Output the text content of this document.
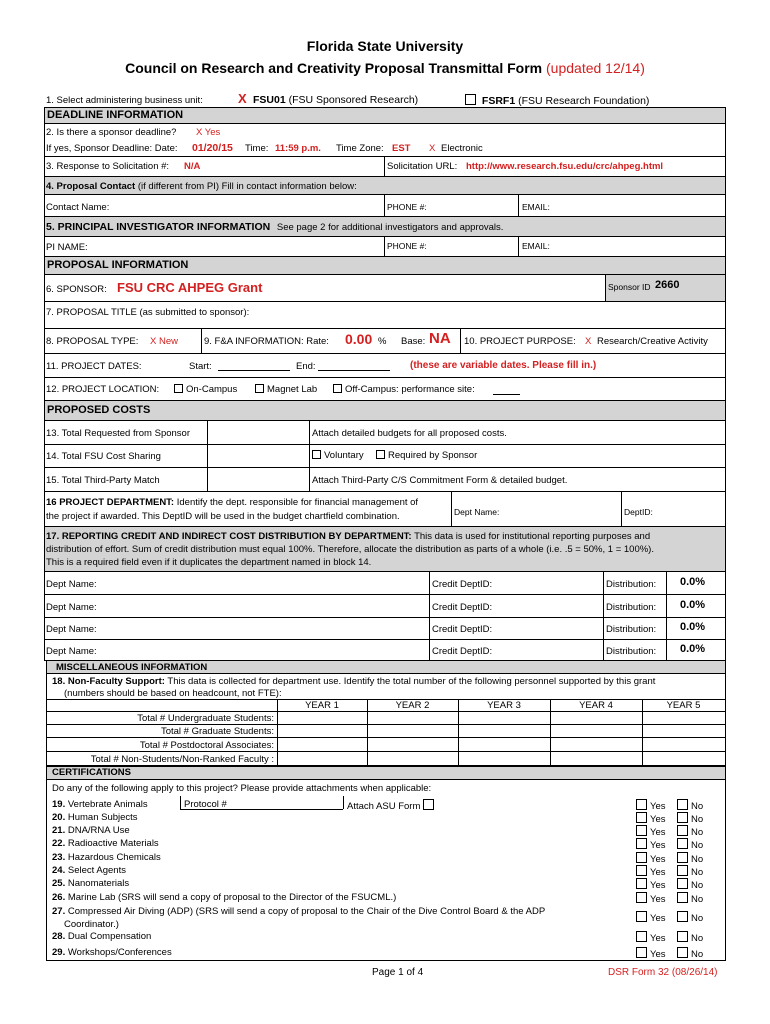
Florida State University
Council on Research and Creativity Proposal Transmittal Form (updated 12/14)
1. Select administering business unit:	X FSU01 (FSU Sponsored Research)	FSRF1 (FSU Research Foundation)
DEADLINE INFORMATION
2. Is there a sponsor deadline? X Yes
If yes, Sponsor Deadline: Date: 01/20/15 Time: 11:59 p.m. Time Zone: EST X Electronic
3. Response to Solicitation #: N/A	Solicitation URL: http://www.research.fsu.edu/crc/ahpeg.html
4. Proposal Contact (if different from PI) Fill in contact information below:
Contact Name:	PHONE #:	EMAIL:
5. PRINCIPAL INVESTIGATOR INFORMATION See page 2 for additional investigators and approvals.
PI NAME:	PHONE #:	EMAIL:
PROPOSAL INFORMATION
6. SPONSOR: FSU CRC AHPEG Grant	Sponsor ID 2660
7. PROPOSAL TITLE (as submitted to sponsor):
8. PROPOSAL TYPE: X New	9. F&A INFORMATION: Rate: 0.00 % Base: NA 10. PROJECT PURPOSE: X Research/Creative Activity
11. PROJECT DATES:	Start:	End:	(these are variable dates. Please fill in.)
12. PROJECT LOCATION:	On-Campus	Magnet Lab	Off-Campus: performance site:
PROPOSED COSTS
13. Total Requested from Sponsor	Attach detailed budgets for all proposed costs.
14. Total FSU Cost Sharing	Voluntary	Required by Sponsor
15. Total Third-Party Match	Attach Third-Party C/S Commitment Form & detailed budget.
16 PROJECT DEPARTMENT: Identify the dept. responsible for financial management of
the project if awarded. This DeptID will be used in the budget chartfield combination.	Dept Name:	DeptID:
17. REPORTING CREDIT AND INDIRECT COST DISTRIBUTION BY DEPARTMENT: This data is used for institutional reporting purposes and
distribution of effort. Sum of credit distribution must equal 100%. Therefore, allocate the distribution as parts of a whole (i.e. .5 = 50%, 1 = 100%).
This is a required field even if it duplicates the department named in block 14.
Dept Name:	Credit DeptID:	Distribution: 0.0%
Dept Name:	Credit DeptID:	Distribution: 0.0%
Dept Name:	Credit DeptID:	Distribution: 0.0%
Dept Name:	Credit DeptID:	Distribution: 0.0%
MISCELLANEOUS INFORMATION
18. Non-Faculty Support: This data is collected for department use. Identify the total number of the following personnel supported by this grant
(numbers should be based on headcount, not FTE):
YEAR 1	YEAR 2	YEAR 3	YEAR 4	YEAR 5
Total # Undergraduate Students:
Total # Graduate Students:
Total # Postdoctoral Associates:
Total # Non-Students/Non-Ranked Faculty :
CERTIFICATIONS
Do any of the following apply to this project? Please provide attachments when applicable:
Protocol #	Attach ASU Form
19. Vertebrate Animals	Yes	No
20. Human Subjects	Yes	No
21. DNA/RNA Use	Yes	No
22. Radioactive Materials	Yes	No
23. Hazardous Chemicals	Yes	No
24. Select Agents	Yes	No
25. Nanomaterials	Yes	No
26. Marine Lab (SRS will send a copy of proposal to the Director of the FSUCML.)	Yes	No
27. Compressed Air Diving (ADP) (SRS will send a copy of proposal to the Chair of the Dive Control Board & the ADP
Yes	No
28. Dual Compensation	Yes	No
29. Workshops/Conferences	Yes	No
Coordinator.)
Page 1 of 4	DSR Form 32 (08/26/14)
